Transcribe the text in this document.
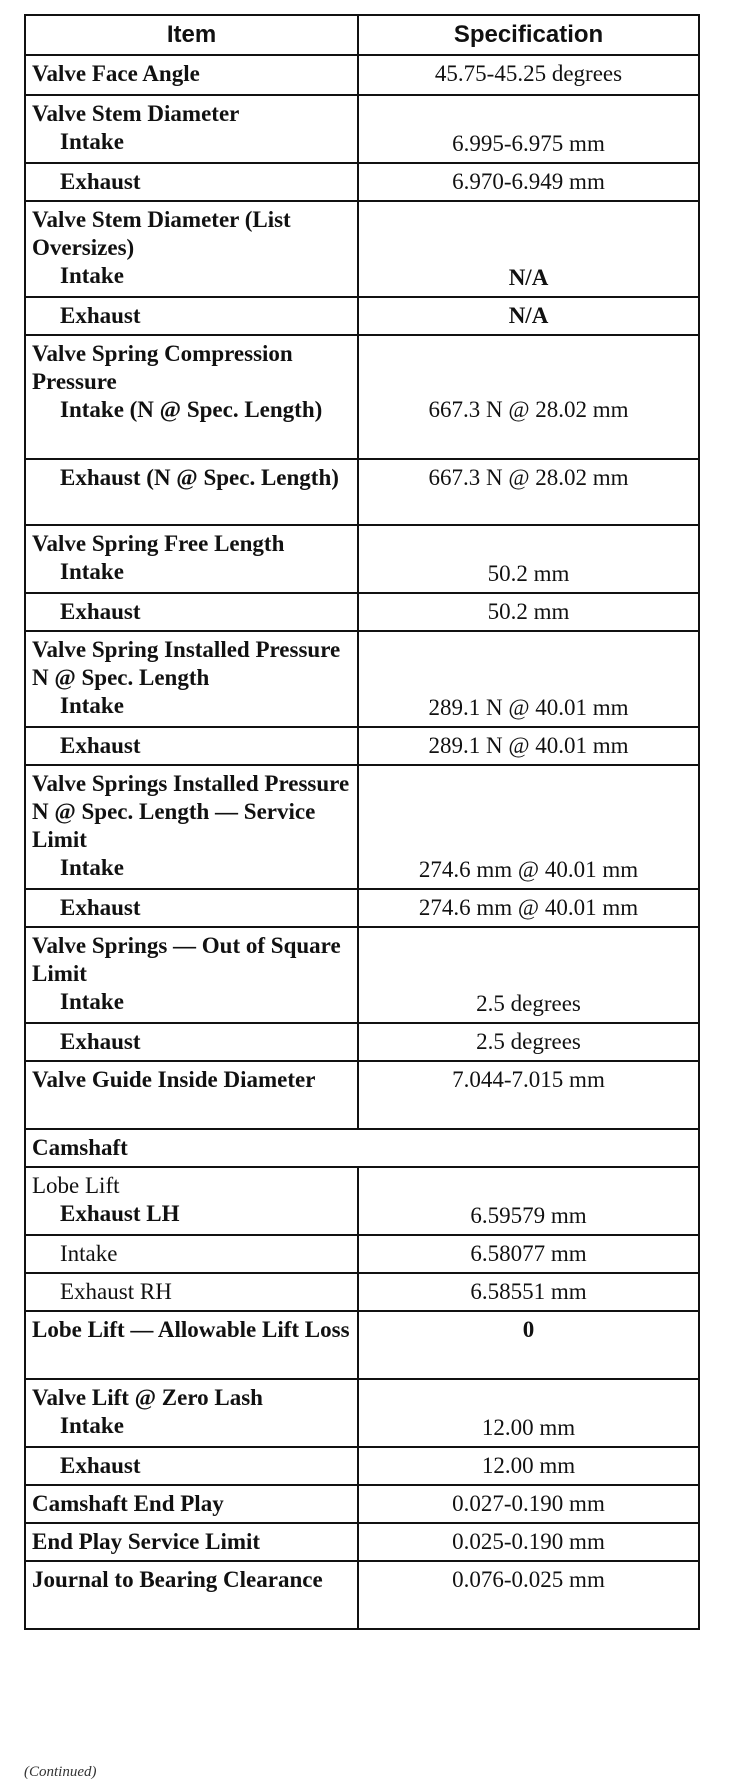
Item	Specification
Valve Face Angle	45.75-45.25 degrees

Valve Stem Diameter
Intake	6.995-6.975 mm

Exhaust	6.970-6.949 mm

Valve Stem Diameter (List Oversizes)
Intake	N/A

Exhaust	N/A

Valve Spring Compression Pressure
Intake (N @ Spec. Length)	667.3 N @ 28.02 mm

Exhaust (N @ Spec. Length)	667.3 N @ 28.02 mm

Valve Spring Free Length
Intake	50.2 mm

Exhaust	50.2 mm

Valve Spring Installed Pressure N @ Spec. Length
Intake	289.1 N @ 40.01 mm

Exhaust	289.1 N @ 40.01 mm

Valve Springs Installed Pressure N @ Spec. Length — Service Limit
Intake	274.6 mm @ 40.01 mm

Exhaust	274.6 mm @ 40.01 mm

Valve Springs — Out of Square Limit
Intake	2.5 degrees

Exhaust	2.5 degrees
Valve Guide Inside Diameter	7.044-7.015 mm
Camshaft	

Lobe Lift
Exhaust LH	6.59579 mm

Intake	6.58077 mm

Exhaust RH	6.58551 mm
Lobe Lift — Allowable Lift Loss	0

Valve Lift @ Zero Lash
Intake	12.00 mm

Exhaust	12.00 mm
Camshaft End Play	0.027-0.190 mm
End Play Service Limit	0.025-0.190 mm
Journal to Bearing Clearance	0.076-0.025 mm
(Continued)
